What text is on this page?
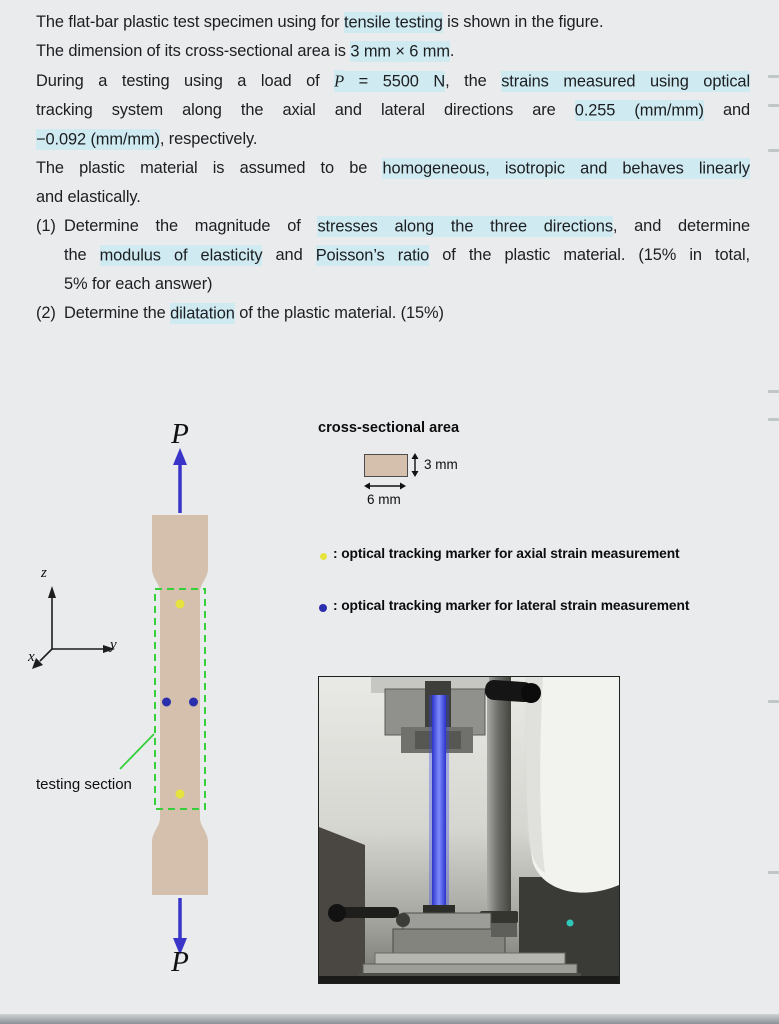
The flat-bar plastic test specimen using for tensile testing is shown in the figure.
The dimension of its cross-sectional area is 3 mm × 6 mm.
During a testing using a load of P = 5500 N, the strains measured using optical
tracking system along the axial and lateral directions are 0.255 (mm/mm) and
−0.092 (mm/mm), respectively.
The plastic material is assumed to be homogeneous, isotropic and behaves linearly
and elastically.
(1) Determine the magnitude of stresses along the three directions, and determine
the modulus of elasticity and Poisson’s ratio of the plastic material. (15% in total,
5% for each answer)
(2) Determine the dilatation of the plastic material. (15%)
P
P
z
y
x
testing section
cross-sectional area
3 mm
6 mm
: optical tracking marker for axial strain measurement
: optical tracking marker for lateral strain measurement
